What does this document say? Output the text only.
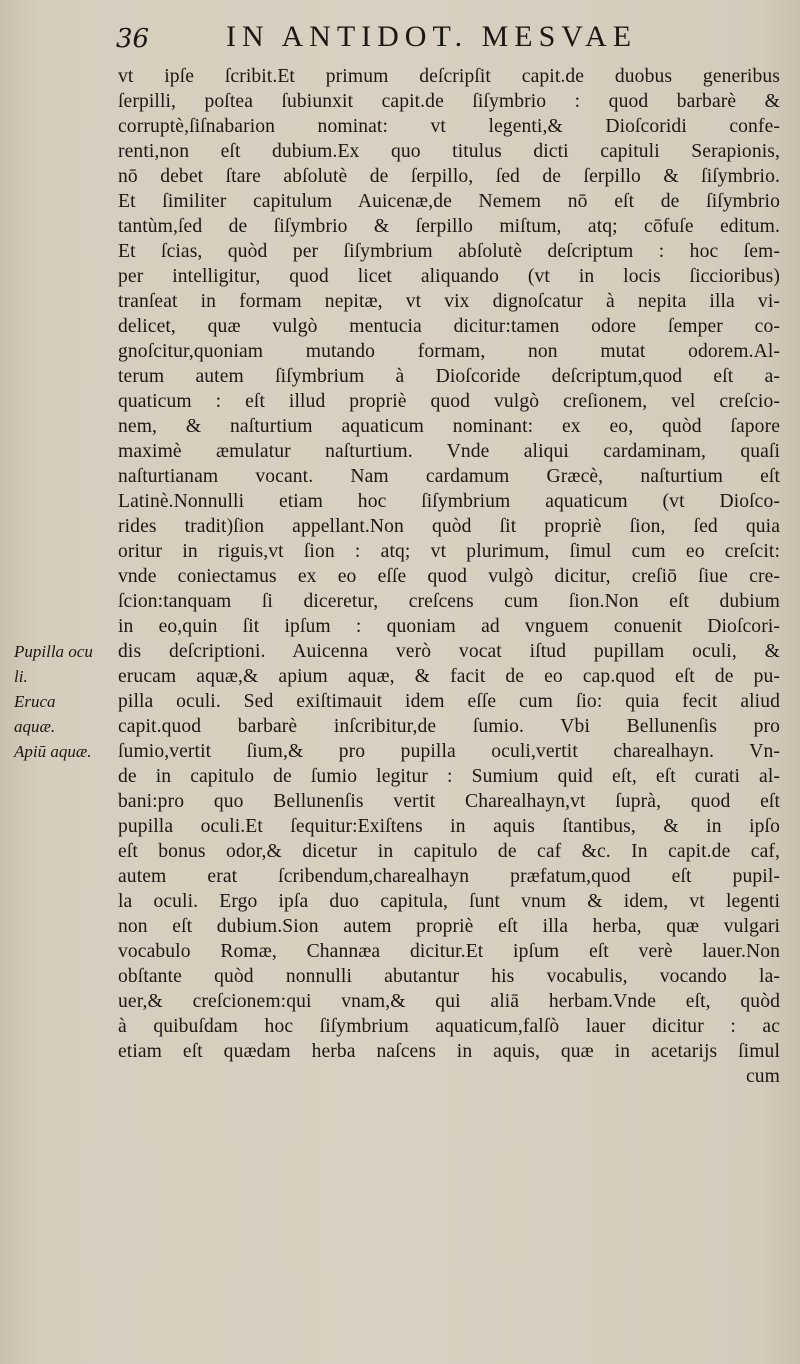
36	IN ANTIDOT. MESVAE
vt ipſe ſcribit.Et primum deſcripſit capit.de duobus generibus
ſerpilli, poſtea ſubiunxit capit.de ſiſymbrio : quod barbarè &
corruptè,ſiſnabarion nominat: vt legenti,& Dioſcoridi confe-
renti,non eſt dubium.Ex quo titulus dicti capituli Serapionis,
nō debet ſtare abſolutè de ſerpillo, ſed de ſerpillo & ſiſymbrio.
Et ſimiliter capitulum Auicenæ,de Nemem nō eſt de ſiſymbrio
tantùm,ſed de ſiſymbrio & ſerpillo miſtum, atq; cōfuſe editum.
Et ſcias, quòd per ſiſymbrium abſolutè deſcriptum : hoc ſem-
per intelligitur, quod licet aliquando (vt in locis ſiccioribus)
tranſeat in formam nepitæ, vt vix dignoſcatur à nepita illa vi-
delicet, quæ vulgò mentucia dicitur:tamen odore ſemper co-
gnoſcitur,quoniam mutando formam, non mutat odorem.Al-
terum autem ſiſymbrium à Dioſcoride deſcriptum,quod eſt a-
quaticum : eſt illud propriè quod vulgò creſionem, vel creſcio-
nem, & naſturtium aquaticum nominant: ex eo, quòd ſapore
maximè æmulatur naſturtium. Vnde aliqui cardaminam, quaſi
naſturtianam vocant. Nam cardamum Græcè, naſturtium eſt
Latinè.Nonnulli etiam hoc ſiſymbrium aquaticum (vt Dioſco-
rides tradit)ſion appellant.Non quòd ſit propriè ſion, ſed quia
oritur in riguis,vt ſion : atq; vt plurimum, ſimul cum eo creſcit:
vnde coniectamus ex eo eſſe quod vulgò dicitur, creſiō ſiue cre-
ſcion:tanquam ſi diceretur, creſcens cum ſion.Non eſt dubium
in eo,quin ſit ipſum : quoniam ad vnguem conuenit Dioſcori-
dis deſcriptioni. Auicenna verò vocat iſtud pupillam oculi, &
erucam aquæ,& apium aquæ, & facit de eo cap.quod eſt de pu-
pilla oculi. Sed exiſtimauit idem eſſe cum ſio: quia fecit aliud
capit.quod barbarè inſcribitur,de ſumio. Vbi Bellunenſis pro
ſumio,vertit ſium,& pro pupilla oculi,vertit charealhayn. Vn-
de in capitulo de ſumio legitur : Sumium quid eſt, eſt curati al-
bani:pro quo Bellunenſis vertit Charealhayn,vt ſuprà, quod eſt
pupilla oculi.Et ſequitur:Exiſtens in aquis ſtantibus, & in ipſo
eſt bonus odor,& dicetur in capitulo de caf &c. In capit.de caf,
autem erat ſcribendum,charealhayn præfatum,quod eſt pupil-
la oculi. Ergo ipſa duo capitula, ſunt vnum & idem, vt legenti
non eſt dubium.Sion autem propriè eſt illa herba, quæ vulgari
vocabulo Romæ, Channæa dicitur.Et ipſum eſt verè lauer.Non
obſtante quòd nonnulli abutantur his vocabulis, vocando la-
uer,& creſcionem:qui vnam,& qui aliā herbam.Vnde eſt, quòd
à quibuſdam hoc ſiſymbrium aquaticum,falſò lauer dicitur : ac
etiam eſt quædam herba naſcens in aquis, quæ in acetarijs ſimul
cum
Pupilla ocu
li.
Eruca
aquæ.
Apiū aquæ.
